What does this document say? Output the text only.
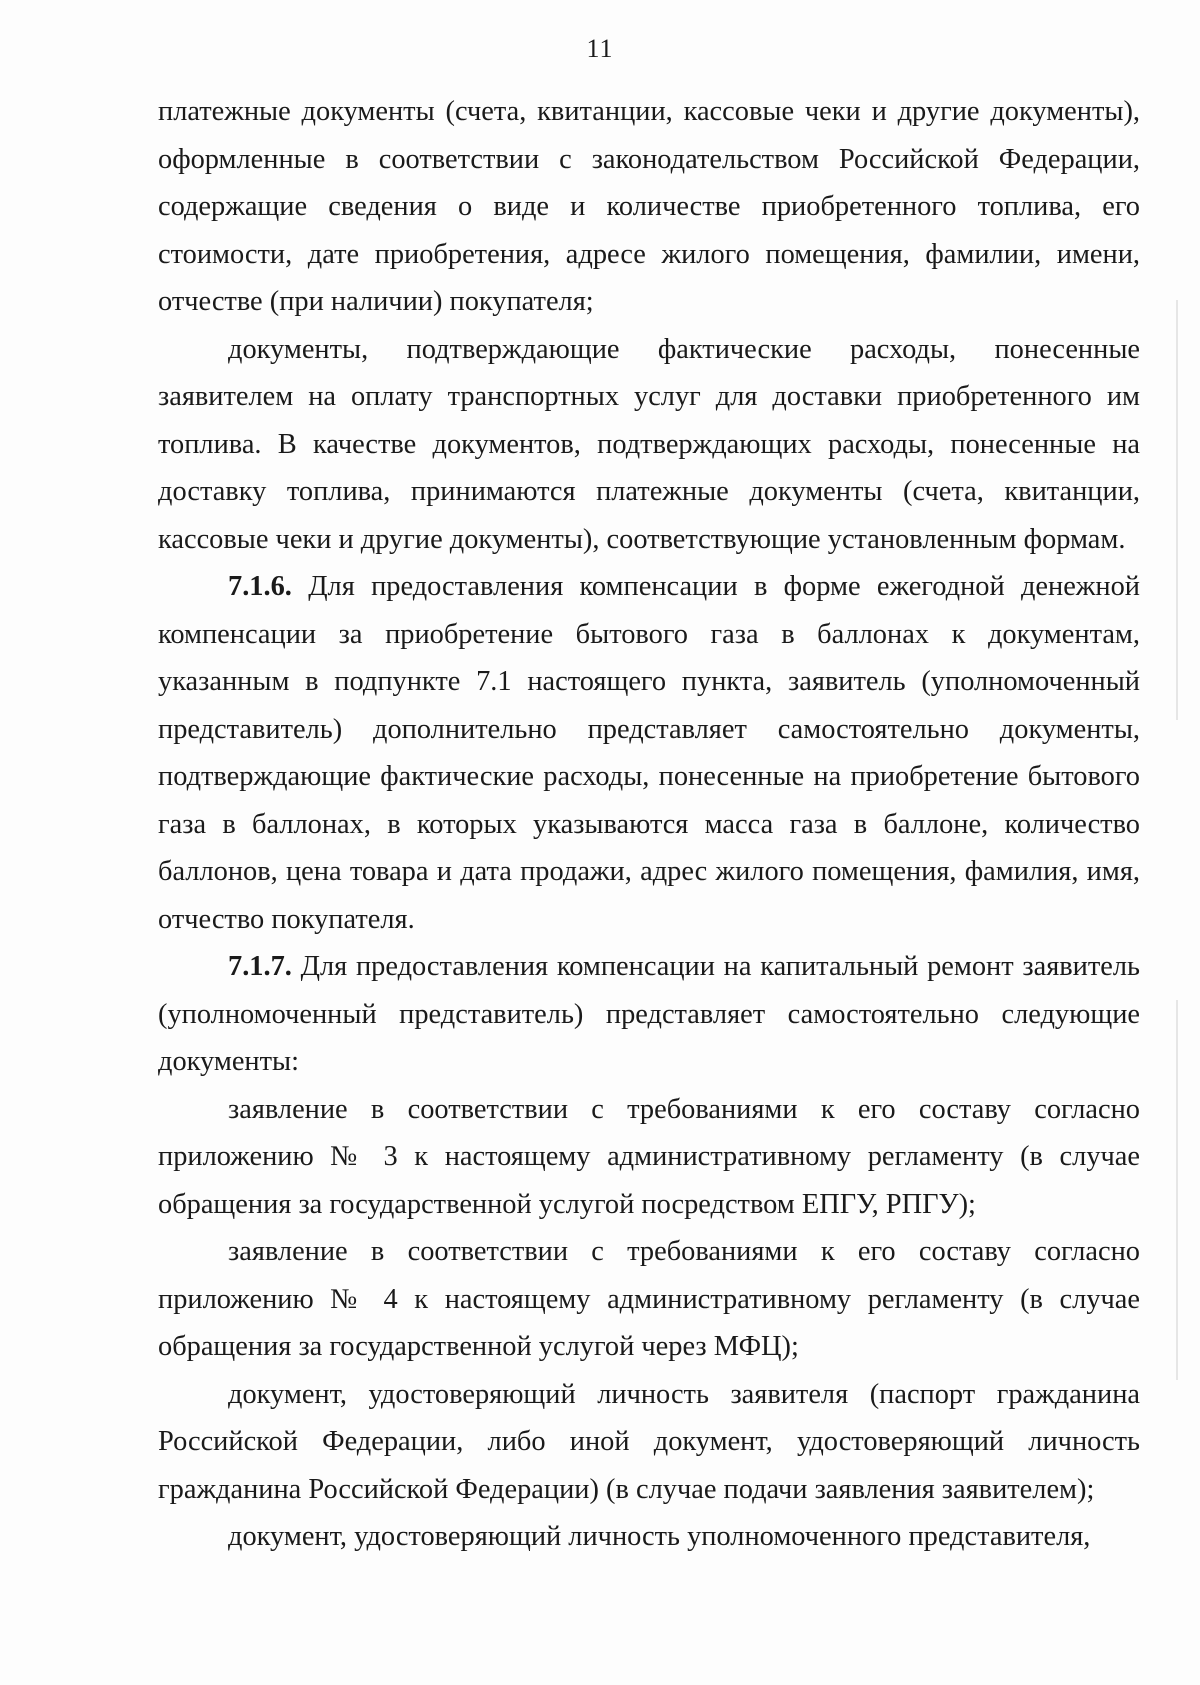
11

платежные документы (счета, квитанции, кассовые чеки и другие документы), оформленные в соответствии с законодательством Российской Федерации, содержащие сведения о виде и количестве приобретенного топлива, его стоимости, дате приобретения, адресе жилого помещения, фамилии, имени, отчестве (при наличии) покупателя;

документы, подтверждающие фактические расходы, понесенные заявителем на оплату транспортных услуг для доставки приобретенного им топлива. В качестве документов, подтверждающих расходы, понесенные на доставку топлива, принимаются платежные документы (счета, квитанции, кассовые чеки и другие документы), соответствующие установленным формам.

7.1.6. Для предоставления компенсации в форме ежегодной денежной компенсации за приобретение бытового газа в баллонах к документам, указанным в подпункте 7.1 настоящего пункта, заявитель (уполномоченный представитель) дополнительно представляет самостоятельно документы, подтверждающие фактические расходы, понесенные на приобретение бытового газа в баллонах, в которых указываются масса газа в баллоне, количество баллонов, цена товара и дата продажи, адрес жилого помещения, фамилия, имя, отчество покупателя.

7.1.7. Для предоставления компенсации на капитальный ремонт заявитель (уполномоченный представитель) представляет самостоятельно следующие документы:

заявление в соответствии с требованиями к его составу согласно приложению № 3 к настоящему административному регламенту (в случае обращения за государственной услугой посредством ЕПГУ, РПГУ);

заявление в соответствии с требованиями к его составу согласно приложению № 4 к настоящему административному регламенту (в случае обращения за государственной услугой через МФЦ);

документ, удостоверяющий личность заявителя (паспорт гражданина Российской Федерации, либо иной документ, удостоверяющий личность гражданина Российской Федерации) (в случае подачи заявления заявителем);

документ, удостоверяющий личность уполномоченного представителя,
